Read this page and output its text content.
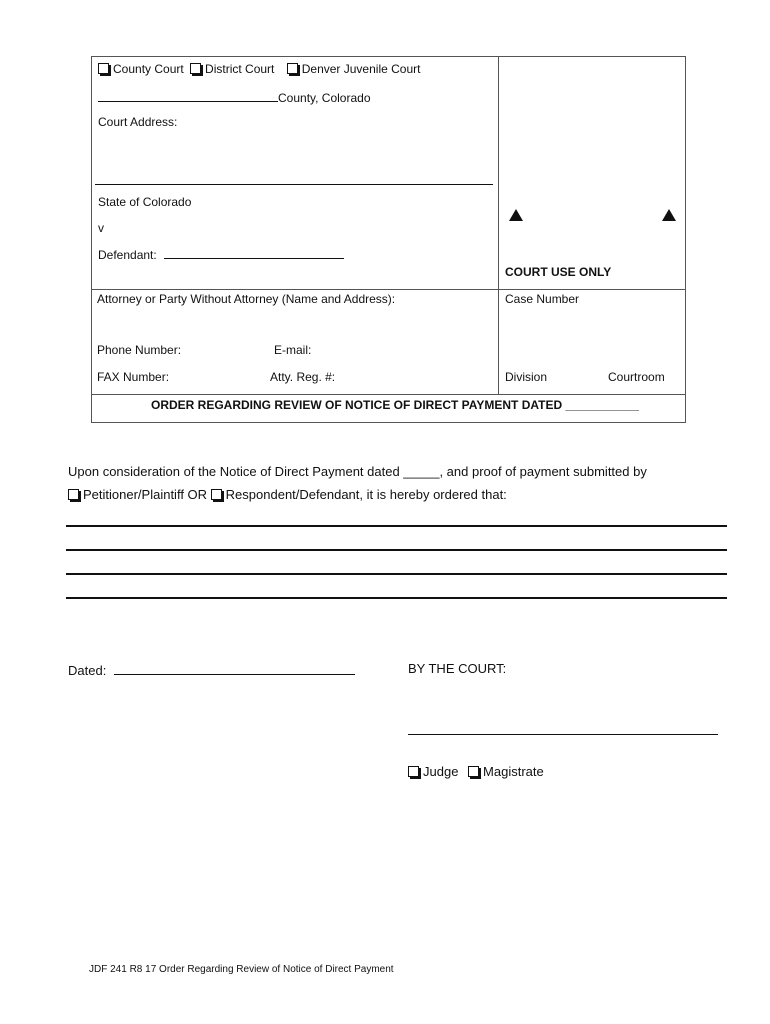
County Court District Court Denver Juvenile Court
County, Colorado
Court Address:
State of Colorado
v
Defendant:
COURT USE ONLY
Attorney or Party Without Attorney (Name and Address):	Case Number
Phone Number:	E-mail:
FAX Number:	Atty. Reg. #:	Division	Courtroom
ORDER REGARDING REVIEW OF NOTICE OF DIRECT PAYMENT DATED ___________
Upon consideration of the Notice of Direct Payment dated _____, and proof of payment submitted by
Petitioner/Plaintiff OR Respondent/Defendant, it is hereby ordered that:
Dated:	BY THE COURT:
Judge Magistrate
JDF 241 R8 17 Order Regarding Review of Notice of Direct Payment
